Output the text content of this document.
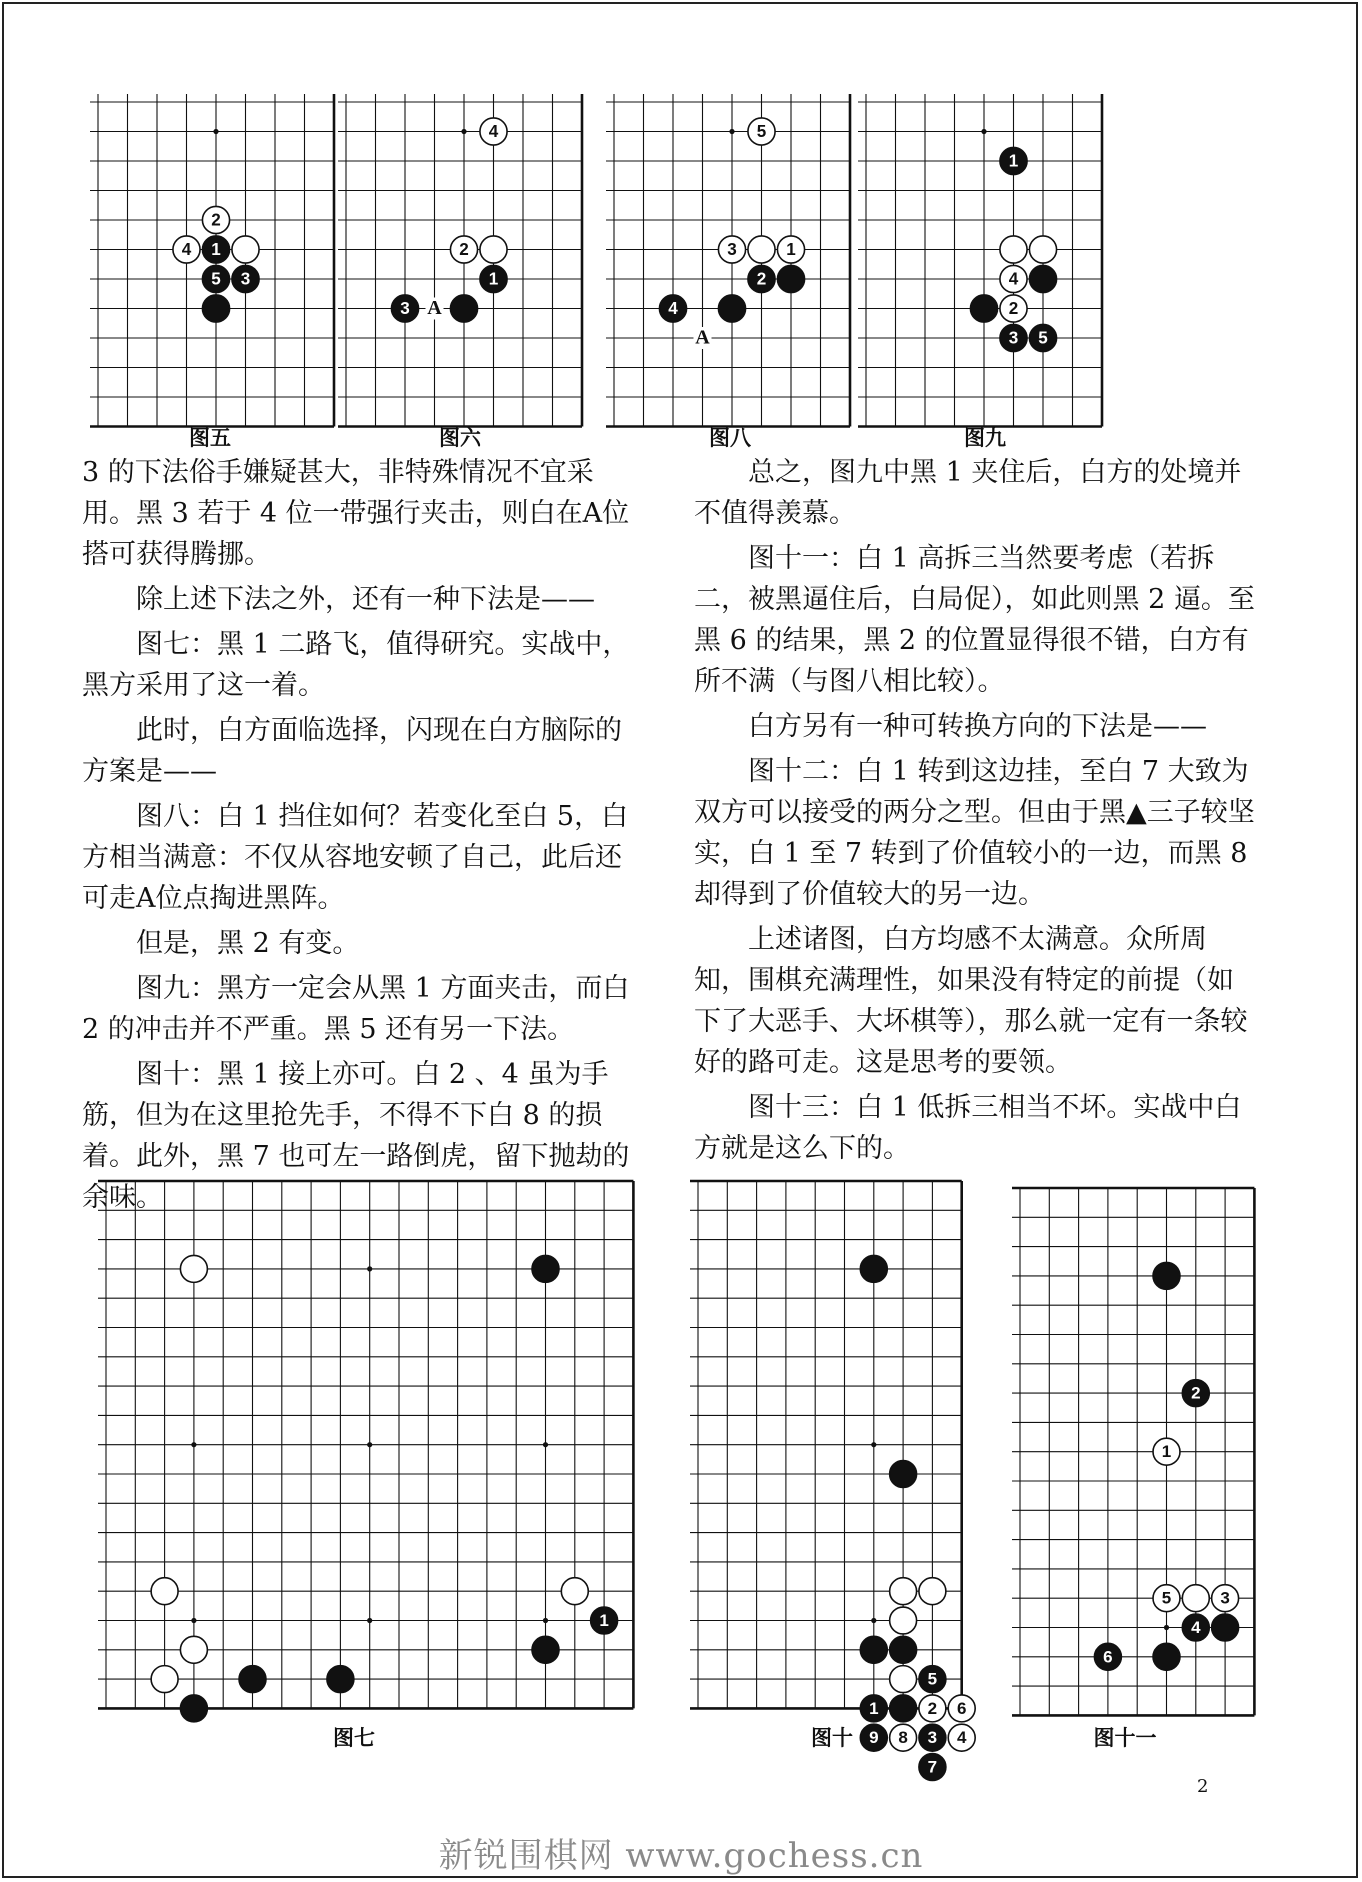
2
4 1
5 3
4
2
1
3 A
5
3	1
2
4
A
1
4
2
3 5
图五	图六	图八	图九

3 的下法俗手嫌疑甚大，非特殊情况不宜采用。黑 3 若于 4 位一带强行夹击，则白在A位搭可获得腾挪。

除上述下法之外，还有一种下法是——

图七：黑 1 二路飞，值得研究。实战中，黑方采用了这一着。

此时，白方面临选择，闪现在白方脑际的方案是——

图八：白 1 挡住如何？若变化至白 5，白方相当满意：不仅从容地安顿了自己，此后还可走A位点掏进黑阵。

但是，黑 2 有变。

图九：黑方一定会从黑 1 方面夹击，而白 2 的冲击并不严重。黑 5 还有另一下法。

图十：黑 1 接上亦可。白 2 、4 虽为手筋，但为在这里抢先手，不得不下白 8 的损着。此外，黑 7 也可左一路倒虎，留下抛劫的余味。

总之，图九中黑 1 夹住后，白方的处境并不值得羡慕。

图十一：白 1 高拆三当然要考虑（若拆二，被黑逼住后，白局促），如此则黑 2 逼。至黑 6 的结果，黑 2 的位置显得很不错，白方有所不满（与图八相比较）。

白方另有一种可转换方向的下法是——

图十二：白 1 转到这边挂，至白 7 大致为双方可以接受的两分之型。但由于黑▲三子较坚实，白 1 至 7 转到了价值较小的一边，而黑 8 却得到了价值较大的另一边。

上述诸图，白方均感不太满意。众所周知，围棋充满理性，如果没有特定的前提（如下了大恶手、大坏棋等），那么就一定有一条较好的路可走。这是思考的要领。

图十三：白 1 低拆三相当不坏。实战中白方就是这么下的。

1
5
1	2 6
9 8 3 4
7
2
1
5	3
4
6
图七	图十	图十一
2
新锐围棋网 www.gochess.cn
